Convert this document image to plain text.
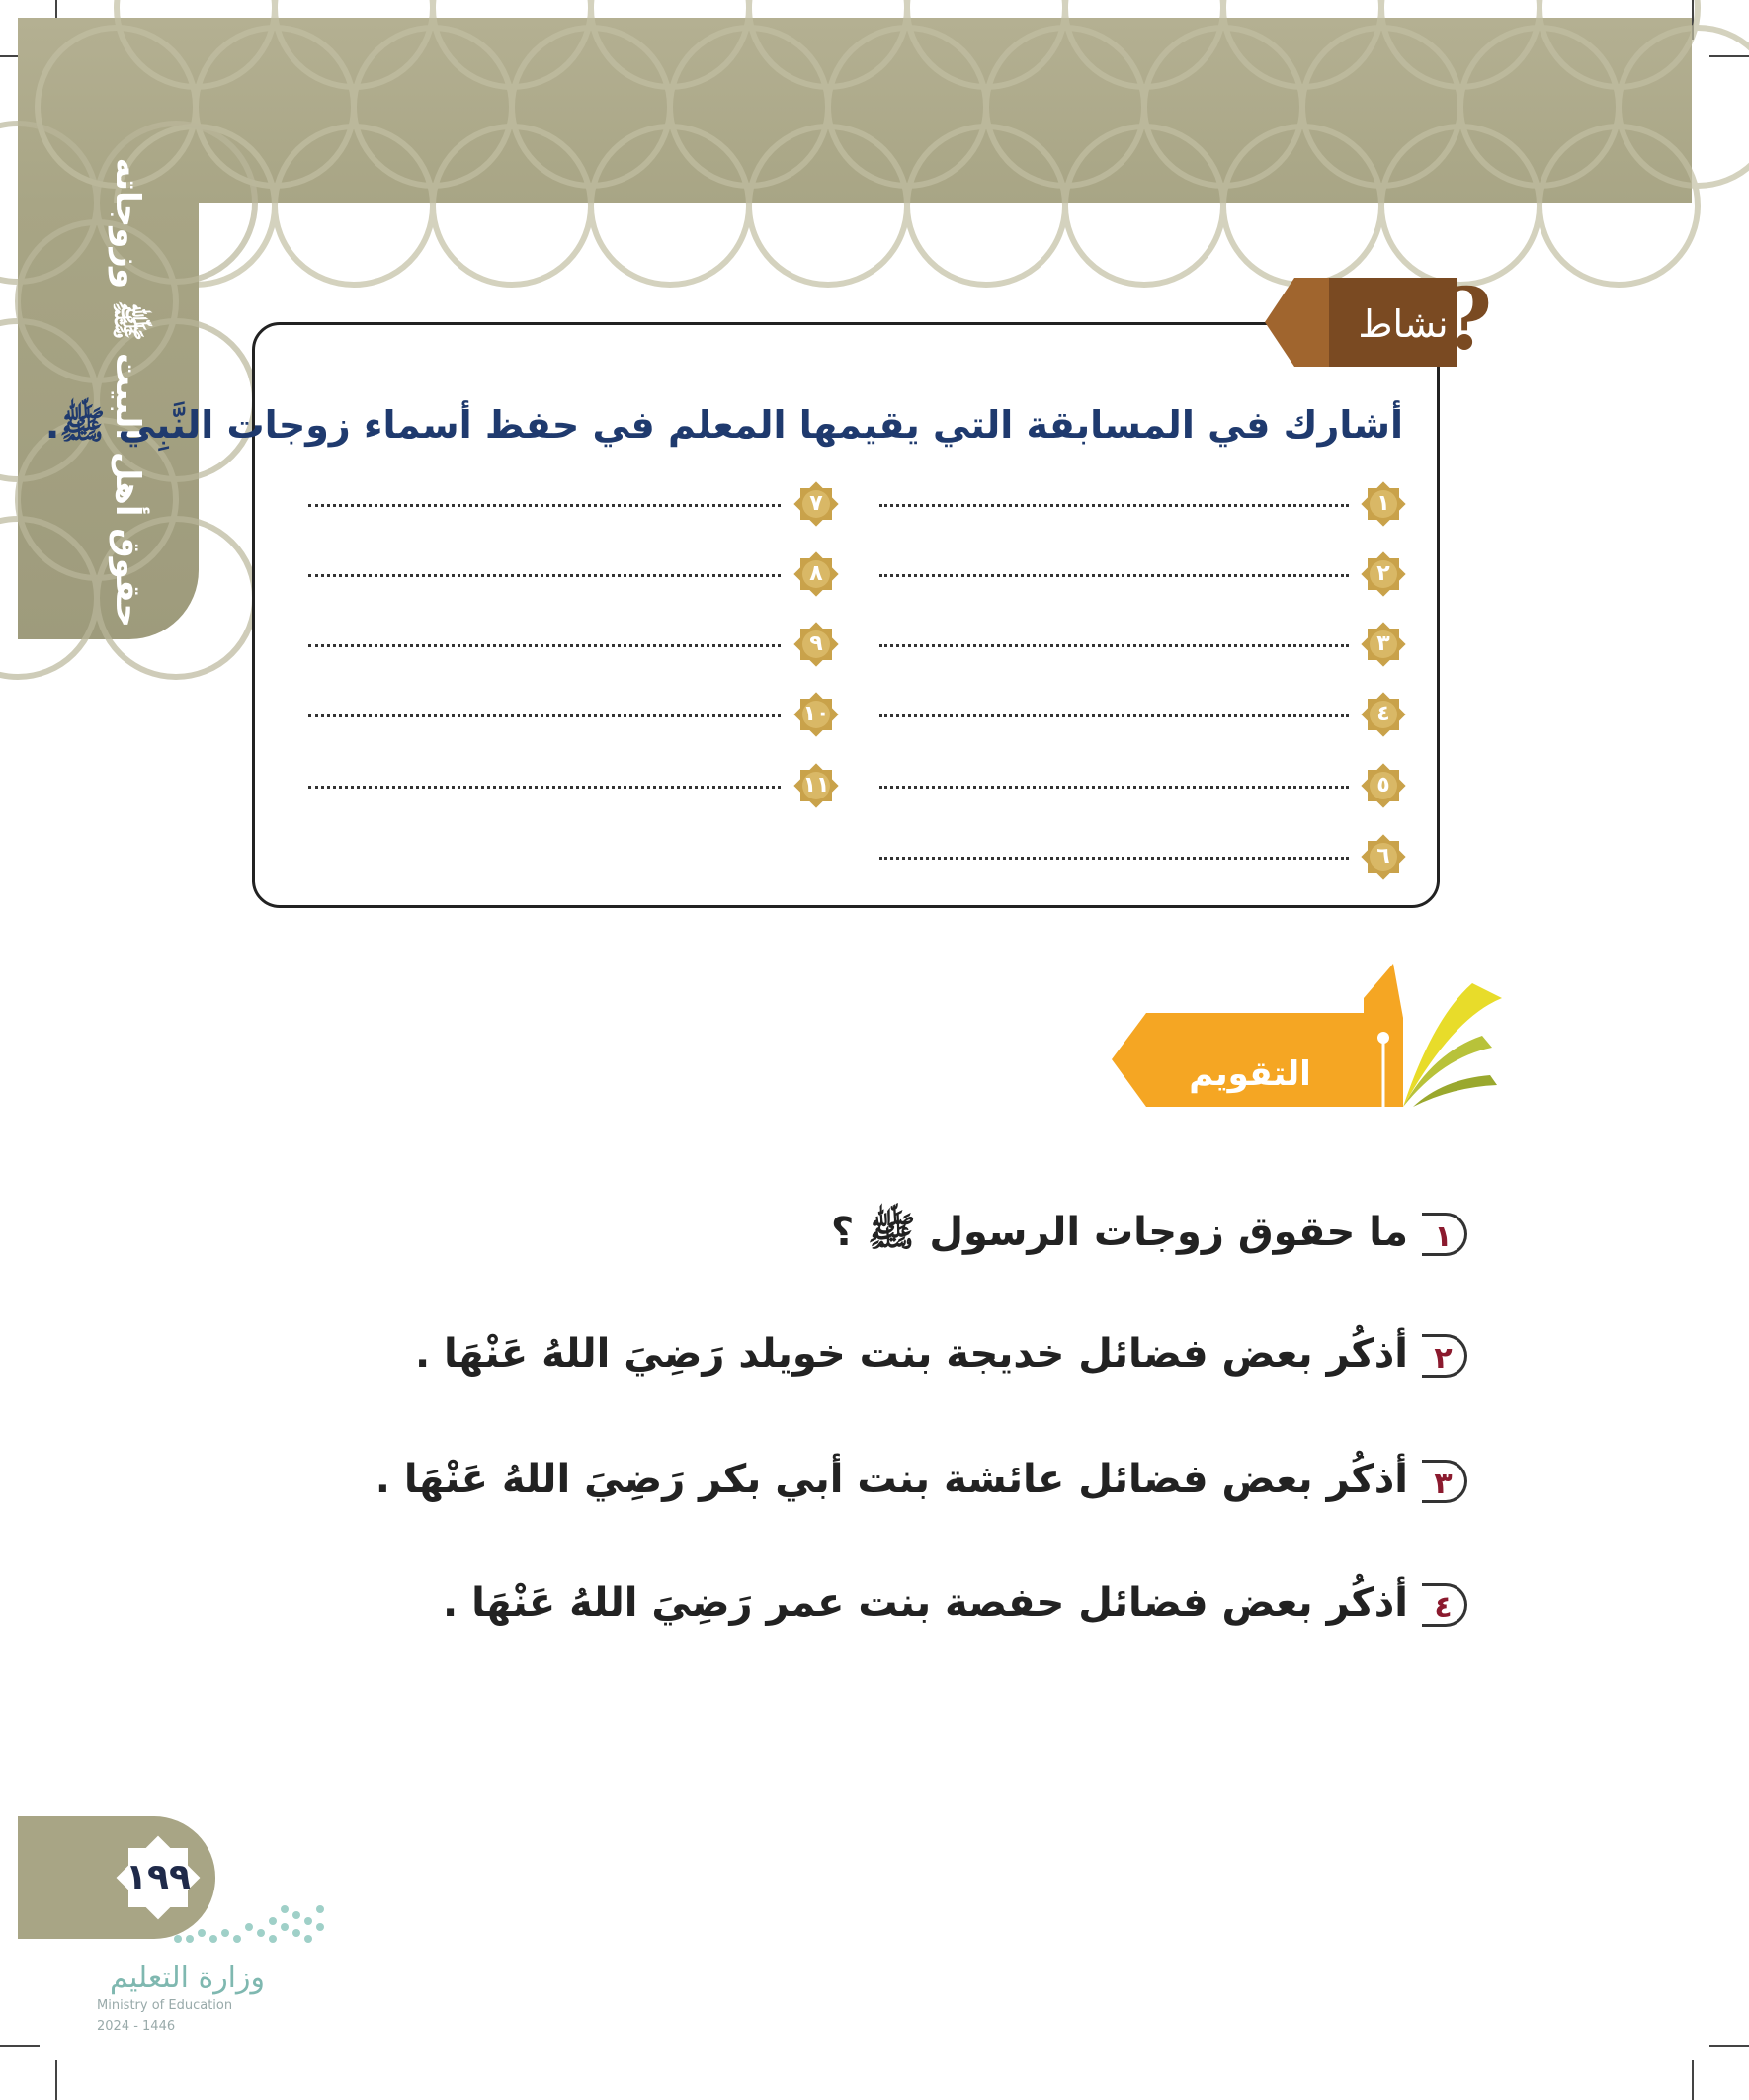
حقوق أهل البيت ﷺ وزوجاته	?
نشاط
أشارك في المسابقة التي يقيمها المعلم في حفظ أسماء زوجات النَّبِي ﷺ.
١
٢
٣
٤
٥
٦
٧
٨
٩
١٠
١١
التقويم
١ما حقوق زوجات الرسول ﷺ ؟
٢أذكُر بعض فضائل خديجة بنت خويلد رَضِيَ اللهُ عَنْهَا .
٣أذكُر بعض فضائل عائشة بنت أبي بكر رَضِيَ اللهُ عَنْهَا .
٤أذكُر بعض فضائل حفصة بنت عمر رَضِيَ اللهُ عَنْهَا .
١٩٩
وزارة التعليم
Ministry of Education
2024 - 1446
